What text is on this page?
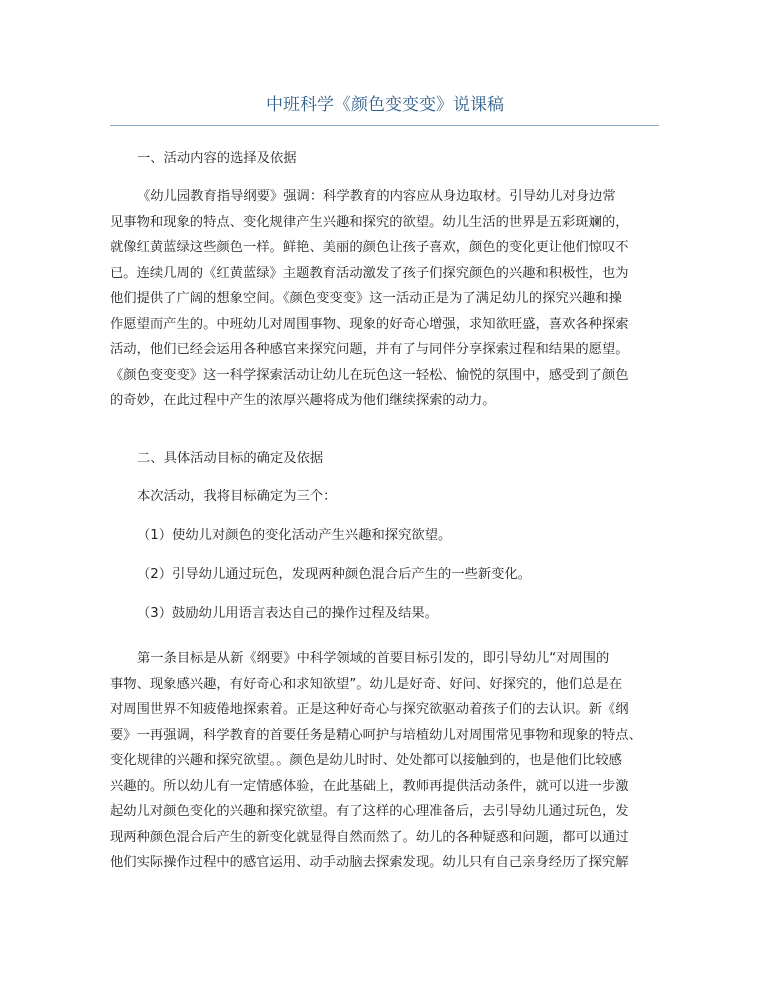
中班科学《颜色变变变》说课稿

一、活动内容的选择及依据

《幼儿园教育指导纲要》强调：科学教育的内容应从身边取材。引导幼儿对身边常
见事物和现象的特点、变化规律产生兴趣和探究的欲望。幼儿生活的世界是五彩斑斓的，
就像红黄蓝绿这些颜色一样。鲜艳、美丽的颜色让孩子喜欢，颜色的变化更让他们惊叹不
已。连续几周的《红黄蓝绿》主题教育活动激发了孩子们探究颜色的兴趣和积极性，也为
他们提供了广阔的想象空间。《颜色变变变》这一活动正是为了满足幼儿的探究兴趣和操
作愿望而产生的。中班幼儿对周围事物、现象的好奇心增强，求知欲旺盛，喜欢各种探索
活动，他们已经会运用各种感官来探究问题，并有了与同伴分享探索过程和结果的愿望。
《颜色变变变》这一科学探索活动让幼儿在玩色这一轻松、愉悦的氛围中，感受到了颜色
的奇妙，在此过程中产生的浓厚兴趣将成为他们继续探索的动力。

二、具体活动目标的确定及依据

本次活动，我将目标确定为三个：

（1）使幼儿对颜色的变化活动产生兴趣和探究欲望。

（2）引导幼儿通过玩色，发现两种颜色混合后产生的一些新变化。

（3）鼓励幼儿用语言表达自己的操作过程及结果。

第一条目标是从新《纲要》中科学领域的首要目标引发的，即引导幼儿“对周围的
事物、现象感兴趣，有好奇心和求知欲望”。幼儿是好奇、好问、好探究的，他们总是在
对周围世界不知疲倦地探索着。正是这种好奇心与探究欲驱动着孩子们的去认识。新《纲
要》一再强调，科学教育的首要任务是精心呵护与培植幼儿对周围常见事物和现象的特点、
变化规律的兴趣和探究欲望。。颜色是幼儿时时、处处都可以接触到的，也是他们比较感
兴趣的。所以幼儿有一定情感体验，在此基础上，教师再提供活动条件，就可以进一步激
起幼儿对颜色变化的兴趣和探究欲望。有了这样的心理准备后，去引导幼儿通过玩色，发
现两种颜色混合后产生的新变化就显得自然而然了。幼儿的各种疑惑和问题，都可以通过
他们实际操作过程中的感官运用、动手动脑去探索发现。幼儿只有自己亲身经历了探究解
